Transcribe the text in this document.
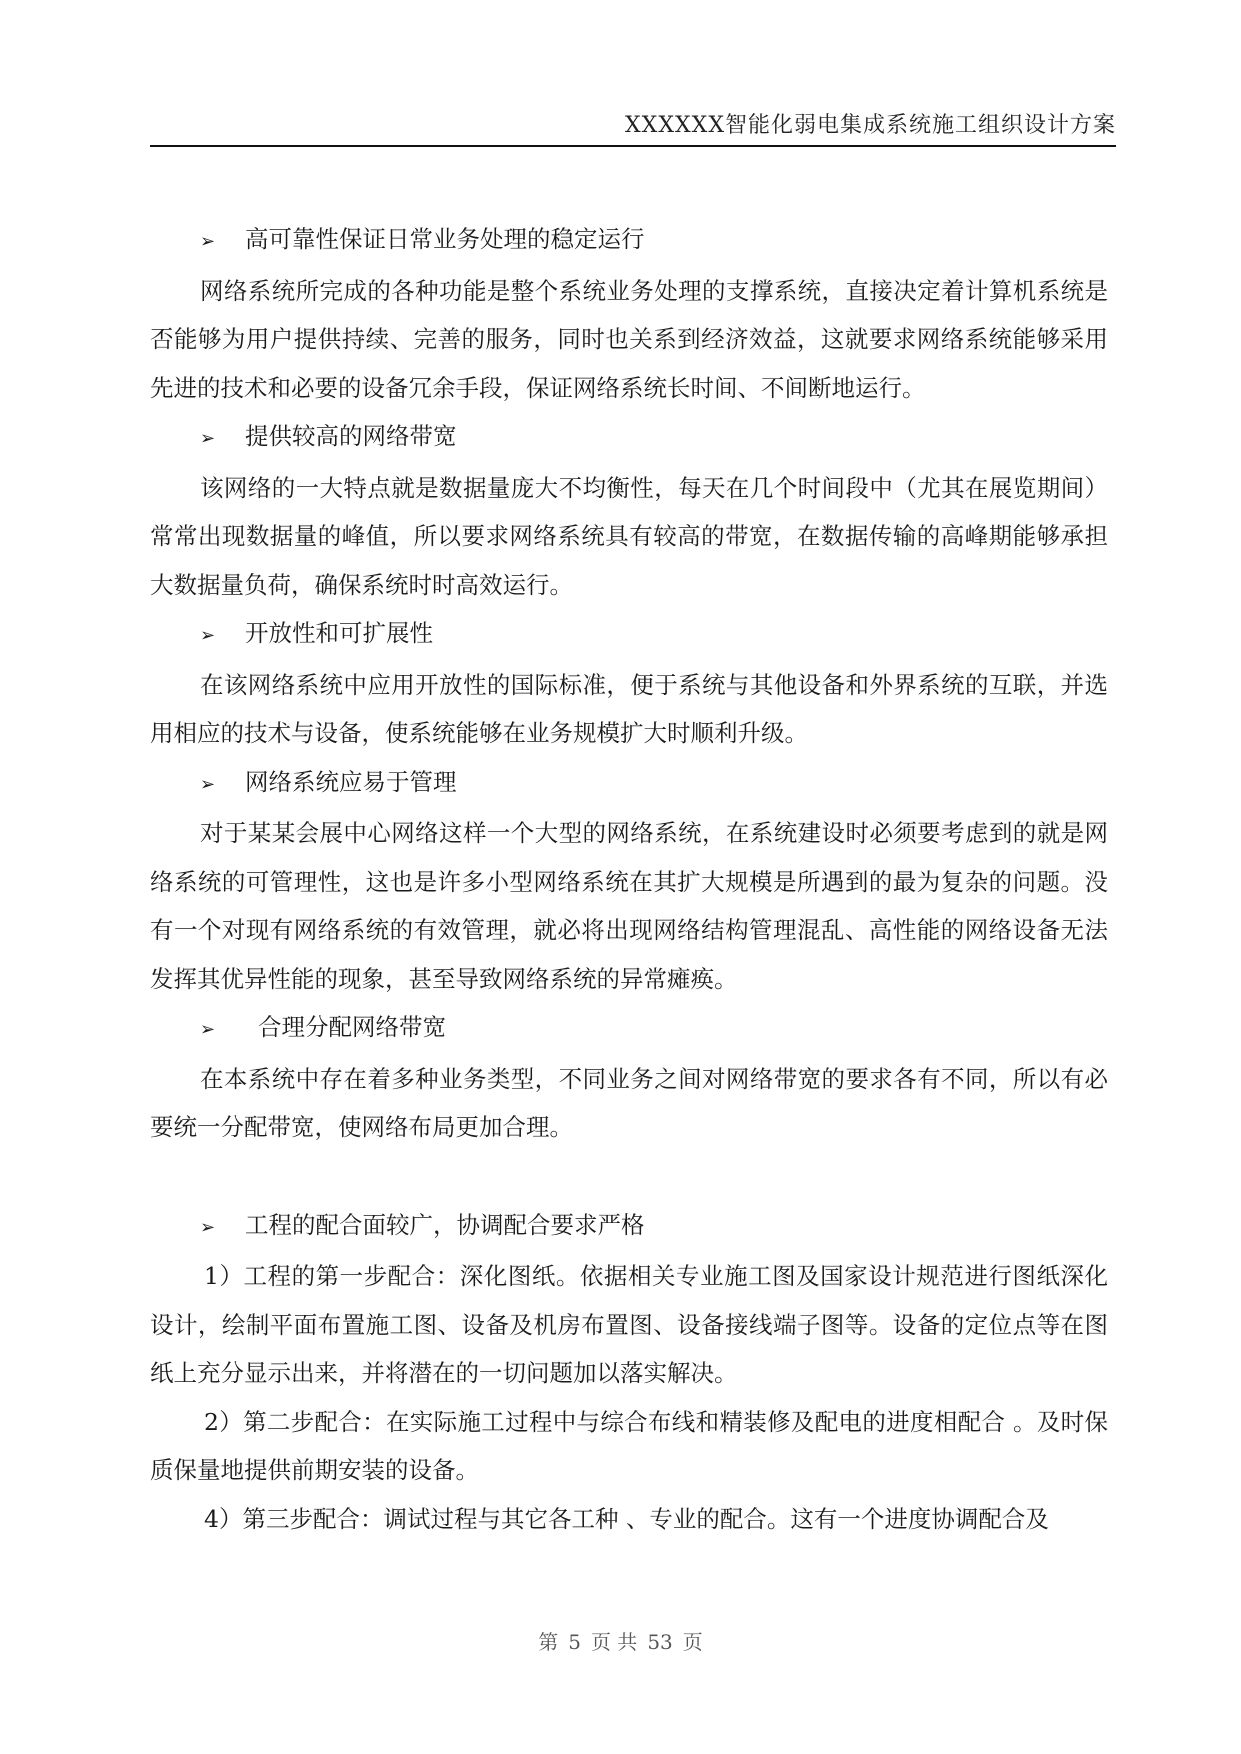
XXXXXX智能化弱电集成系统施工组织设计方案
➢ 高可靠性保证日常业务处理的稳定运行
网络系统所完成的各种功能是整个系统业务处理的支撑系统，直接决定着计算机系统是否能够为用户提供持续、完善的服务，同时也关系到经济效益，这就要求网络系统能够采用先进的技术和必要的设备冗余手段，保证网络系统长时间、不间断地运行。
➢ 提供较高的网络带宽
该网络的一大特点就是数据量庞大不均衡性，每天在几个时间段中（尤其在展览期间）常常出现数据量的峰值，所以要求网络系统具有较高的带宽，在数据传输的高峰期能够承担大数据量负荷，确保系统时时高效运行。
➢ 开放性和可扩展性
在该网络系统中应用开放性的国际标准，便于系统与其他设备和外界系统的互联，并选用相应的技术与设备，使系统能够在业务规模扩大时顺利升级。
➢ 网络系统应易于管理
对于某某会展中心网络这样一个大型的网络系统，在系统建设时必须要考虑到的就是网络系统的可管理性，这也是许多小型网络系统在其扩大规模是所遇到的最为复杂的问题。没有一个对现有网络系统的有效管理，就必将出现网络结构管理混乱、高性能的网络设备无法发挥其优异性能的现象，甚至导致网络系统的异常瘫痪。
➢ 合理分配网络带宽
在本系统中存在着多种业务类型，不同业务之间对网络带宽的要求各有不同，所以有必要统一分配带宽，使网络布局更加合理。
➢ 工程的配合面较广，协调配合要求严格
1）工程的第一步配合：深化图纸。依据相关专业施工图及国家设计规范进行图纸深化设计，绘制平面布置施工图、设备及机房布置图、设备接线端子图等。设备的定位点等在图纸上充分显示出来，并将潜在的一切问题加以落实解决。
2）第二步配合：在实际施工过程中与综合布线和精装修及配电的进度相配合 。及时保质保量地提供前期安装的设备。
4）第三步配合：调试过程与其它各工种 、专业的配合。这有一个进度协调配合及
第 5 页 共 53 页
